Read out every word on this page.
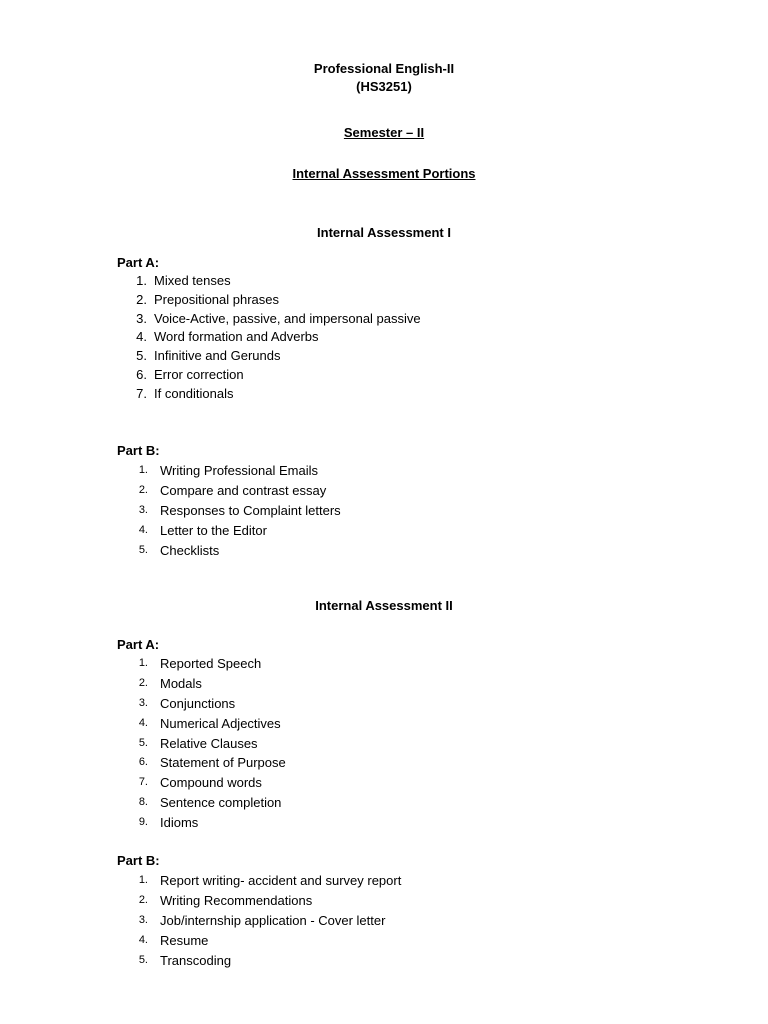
Professional English-II
(HS3251)
Semester – II
Internal Assessment Portions
Internal Assessment I
Part A:
1. Mixed tenses
2. Prepositional phrases
3. Voice-Active, passive, and impersonal passive
4. Word formation and Adverbs
5. Infinitive and Gerunds
6. Error correction
7. If conditionals
Part B:
1. Writing Professional Emails
2. Compare and contrast essay
3. Responses to Complaint letters
4. Letter to the Editor
5. Checklists
Internal Assessment II
Part A:
1. Reported Speech
2. Modals
3. Conjunctions
4. Numerical Adjectives
5. Relative Clauses
6. Statement of Purpose
7. Compound words
8. Sentence completion
9. Idioms
Part B:
1. Report writing- accident and survey report
2. Writing Recommendations
3. Job/internship application - Cover letter
4. Resume
5. Transcoding
